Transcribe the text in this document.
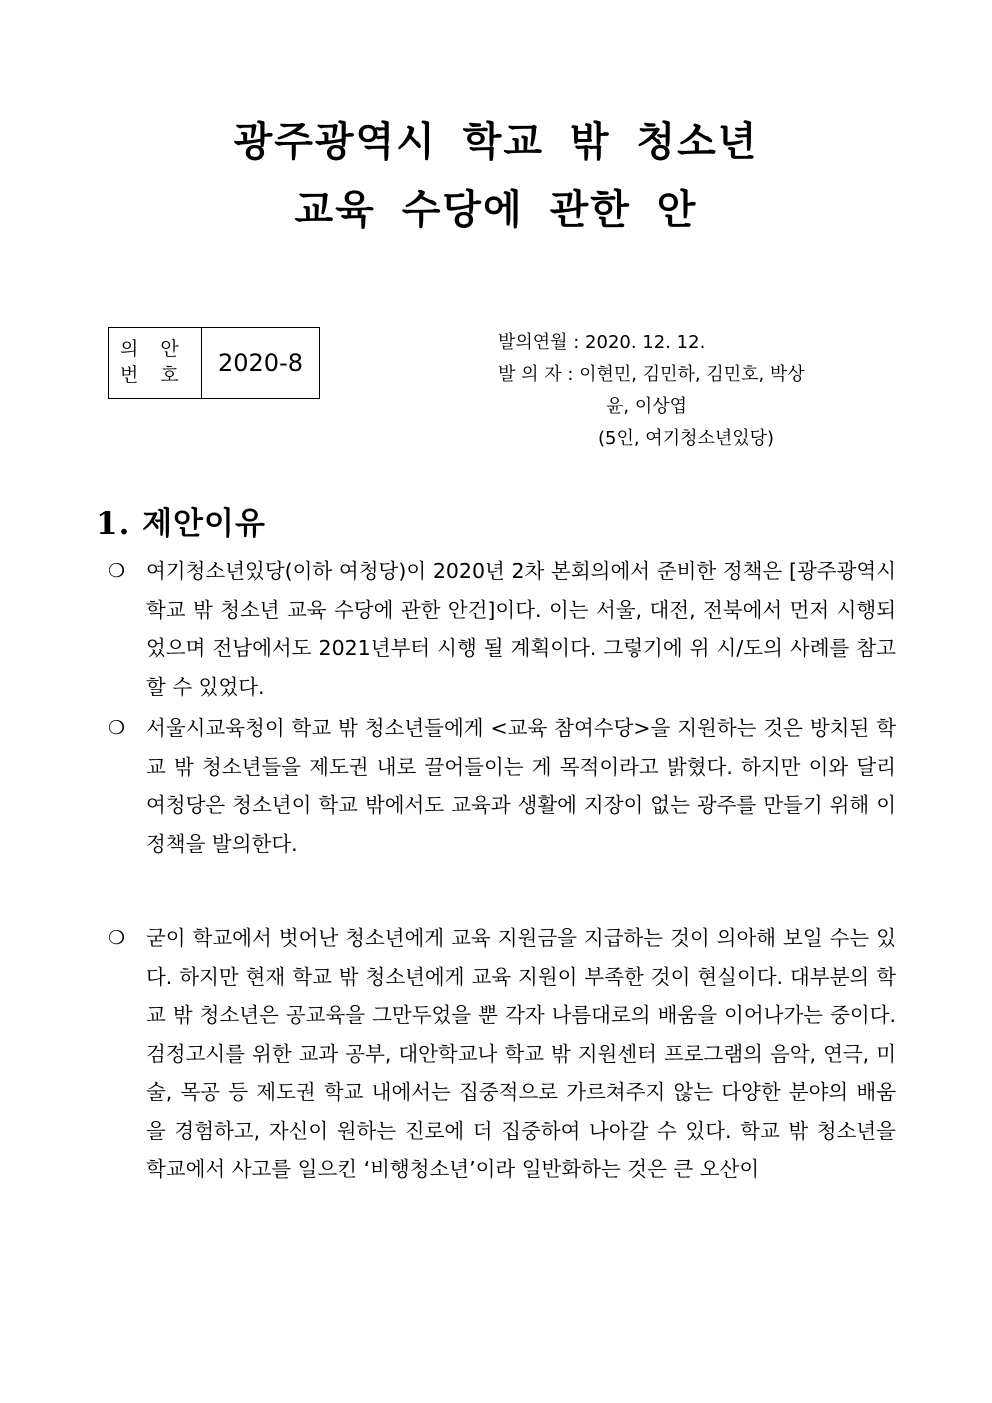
광주광역시 학교 밖 청소년
교육 수당에 관한 안
의 안
번 호	2020-8
발의연월 : 2020. 12. 12.
발 의 자 : 이현민, 김민하, 김민호, 박상
윤, 이상엽
(5인, 여기청소년있당)
1. 제안이유
❍ 여기청소년있당(이하 여청당)이 2020년 2차 본회의에서 준비한 정책은 [광주광역시 학교 밖 청소년 교육 수당에 관한 안건]이다. 이는 서울, 대전, 전북에서 먼저 시행되었으며 전남에서도 2021년부터 시행 될 계획이다. 그렇기에 위 시/도의 사례를 참고할 수 있었다.
❍ 서울시교육청이 학교 밖 청소년들에게 <교육 참여수당>을 지원하는 것은 방치된 학교 밖 청소년들을 제도권 내로 끌어들이는 게 목적이라고 밝혔다. 하지만 이와 달리 여청당은 청소년이 학교 밖에서도 교육과 생활에 지장이 없는 광주를 만들기 위해 이 정책을 발의한다.
❍ 굳이 학교에서 벗어난 청소년에게 교육 지원금을 지급하는 것이 의아해 보일 수는 있다. 하지만 현재 학교 밖 청소년에게 교육 지원이 부족한 것이 현실이다. 대부분의 학교 밖 청소년은 공교육을 그만두었을 뿐 각자 나름대로의 배움을 이어나가는 중이다. 검정고시를 위한 교과 공부, 대안학교나 학교 밖 지원센터 프로그램의 음악, 연극, 미술, 목공 등 제도권 학교 내에서는 집중적으로 가르쳐주지 않는 다양한 분야의 배움을 경험하고, 자신이 원하는 진로에 더 집중하여 나아갈 수 있다. 학교 밖 청소년을 학교에서 사고를 일으킨 ‘비행청소년’이라 일반화하는 것은 큰 오산이
